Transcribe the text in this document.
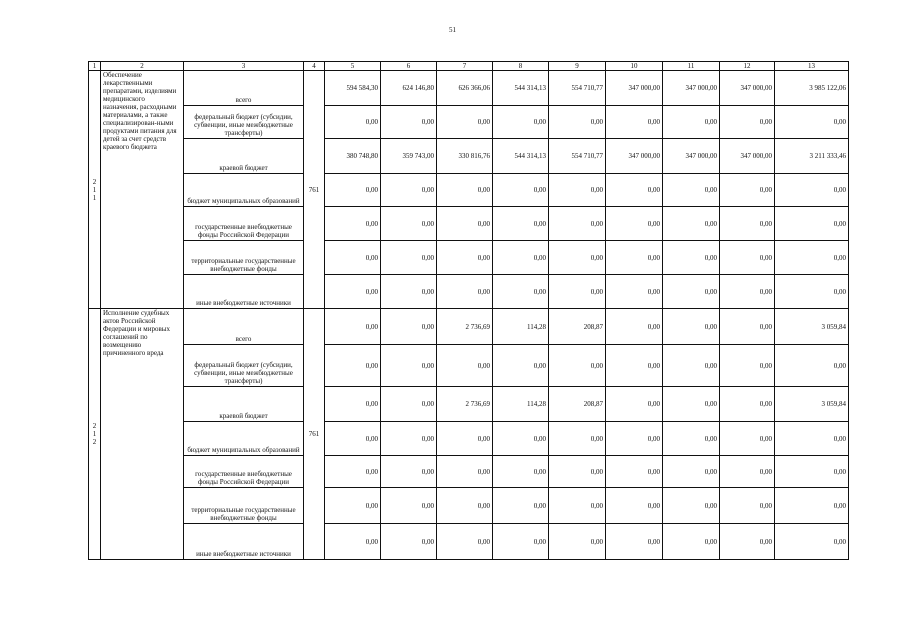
51
1	2	3	4	5	6	7	8	9	10	11	12	13
2 1 1	Обеспечение лекарственными препаратами, изделиями медицинского назначения, расходными материалами, а также специализирован-ными продуктами питания для детей за счет средств краевого бюджета	всего	761	594 584,30	624 146,80	626 366,06	544 314,13	554 710,77	347 000,00	347 000,00	347 000,00	3 985 122,06
		федеральный бюджет (субсидии, субвенции, иные межбюджетные трансферты)		0,00	0,00	0,00	0,00	0,00	0,00	0,00	0,00	0,00
		краевой бюджет		380 748,80	359 743,00	330 816,76	544 314,13	554 710,77	347 000,00	347 000,00	347 000,00	3 211 333,46
		бюджет муниципальных образований		0,00	0,00	0,00	0,00	0,00	0,00	0,00	0,00	0,00
		государственные внебюджетные фонды Российской Федерации		0,00	0,00	0,00	0,00	0,00	0,00	0,00	0,00	0,00
		территориальные государственные внебюджетные фонды		0,00	0,00	0,00	0,00	0,00	0,00	0,00	0,00	0,00
		иные внебюджетные источники		0,00	0,00	0,00	0,00	0,00	0,00	0,00	0,00	0,00
2 1 2	Исполнение судебных актов Российской Федерации и мировых соглашений по возмещению причиненного вреда	всего	761	0,00	0,00	2 736,69	114,28	208,87	0,00	0,00	0,00	3 059,84
		федеральный бюджет (субсидии, субвенции, иные межбюджетные трансферты)		0,00	0,00	0,00	0,00	0,00	0,00	0,00	0,00	0,00
		краевой бюджет		0,00	0,00	2 736,69	114,28	208,87	0,00	0,00	0,00	3 059,84
		бюджет муниципальных образований		0,00	0,00	0,00	0,00	0,00	0,00	0,00	0,00	0,00
		государственные внебюджетные фонды Российской Федерации		0,00	0,00	0,00	0,00	0,00	0,00	0,00	0,00	0,00
		территориальные государственные внебюджетные фонды		0,00	0,00	0,00	0,00	0,00	0,00	0,00	0,00	0,00
		иные внебюджетные источники		0,00	0,00	0,00	0,00	0,00	0,00	0,00	0,00	0,00
